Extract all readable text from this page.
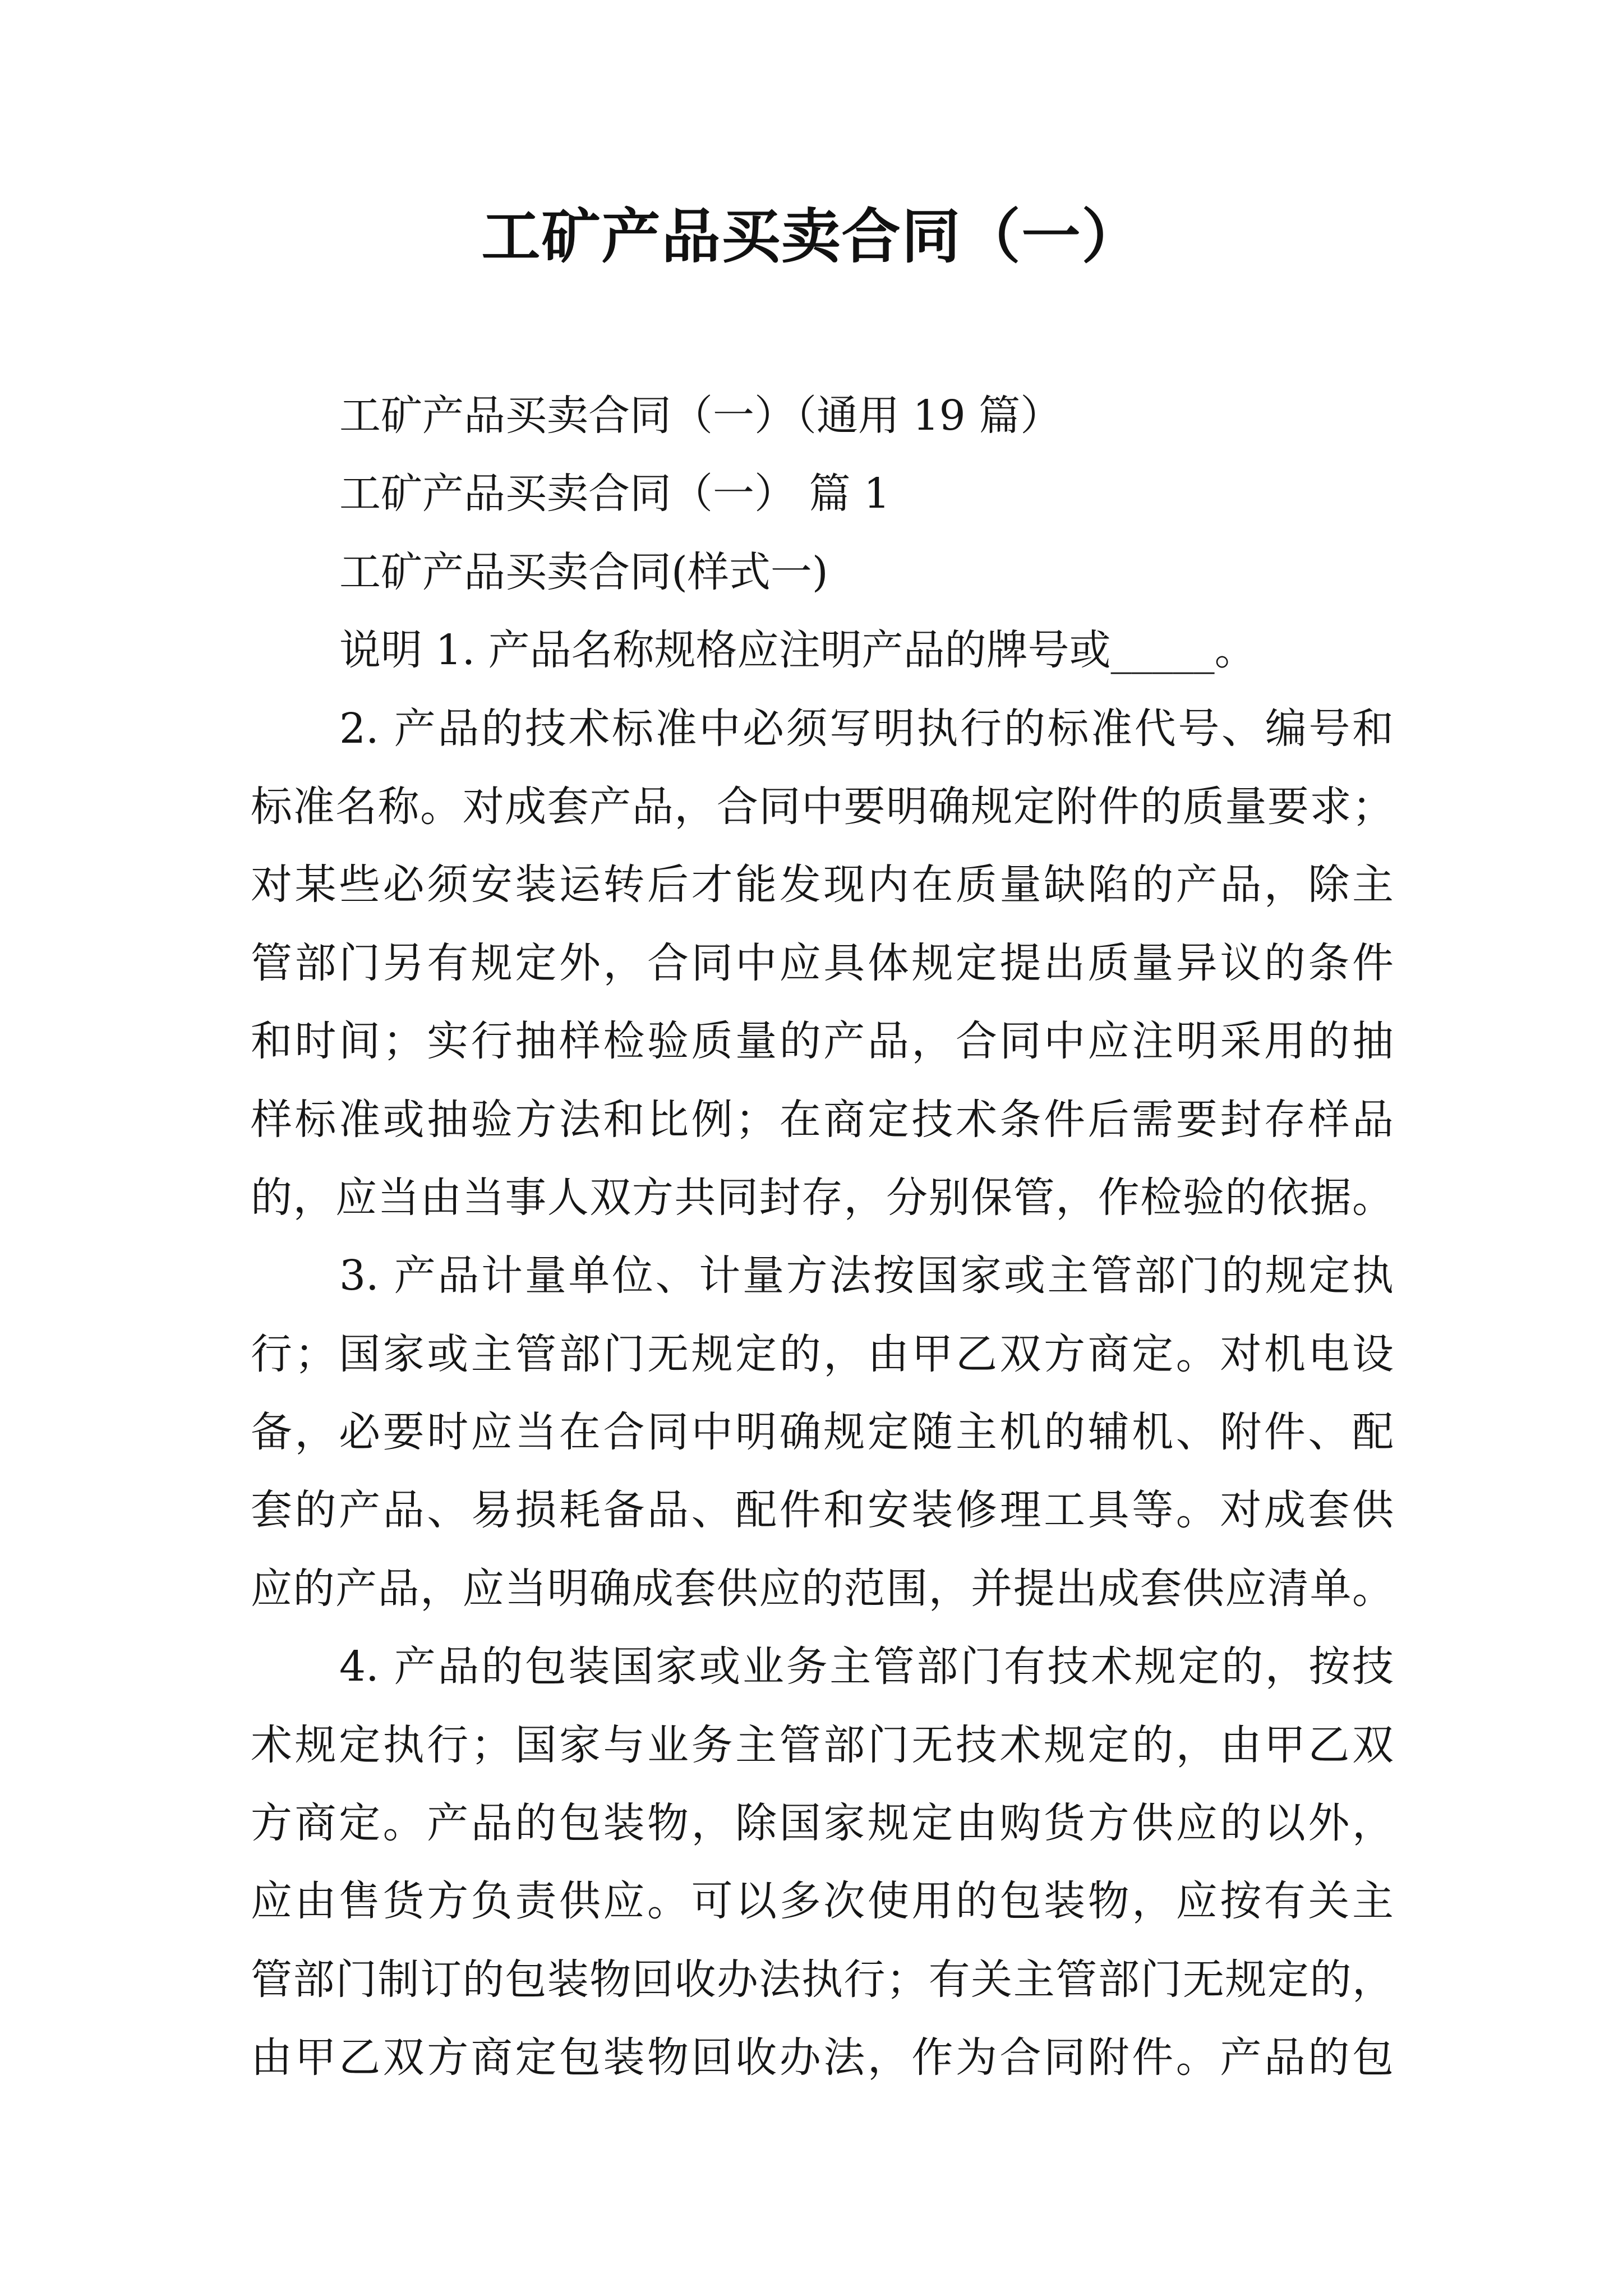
工矿产品买卖合同（一）
工矿产品买卖合同（一）（通用 19 篇）
工矿产品买卖合同（一） 篇 1
工矿产品买卖合同(样式一)
说明 1. 产品名称规格应注明产品的牌号或_____。
2. 产品的技术标准中必须写明执行的标准代号、编号和
标准名称。对成套产品，合同中要明确规定附件的质量要求；
对某些必须安装运转后才能发现内在质量缺陷的产品，除主
管部门另有规定外，合同中应具体规定提出质量异议的条件
和时间；实行抽样检验质量的产品，合同中应注明采用的抽
样标准或抽验方法和比例；在商定技术条件后需要封存样品
的，应当由当事人双方共同封存，分别保管，作检验的依据。
3. 产品计量单位、计量方法按国家或主管部门的规定执
行；国家或主管部门无规定的，由甲乙双方商定。对机电设
备，必要时应当在合同中明确规定随主机的辅机、附件、配
套的产品、易损耗备品、配件和安装修理工具等。对成套供
应的产品，应当明确成套供应的范围，并提出成套供应清单。
4. 产品的包装国家或业务主管部门有技术规定的，按技
术规定执行；国家与业务主管部门无技术规定的，由甲乙双
方商定。产品的包装物，除国家规定由购货方供应的以外，
应由售货方负责供应。可以多次使用的包装物，应按有关主
管部门制订的包装物回收办法执行；有关主管部门无规定的，
由甲乙双方商定包装物回收办法，作为合同附件。产品的包
